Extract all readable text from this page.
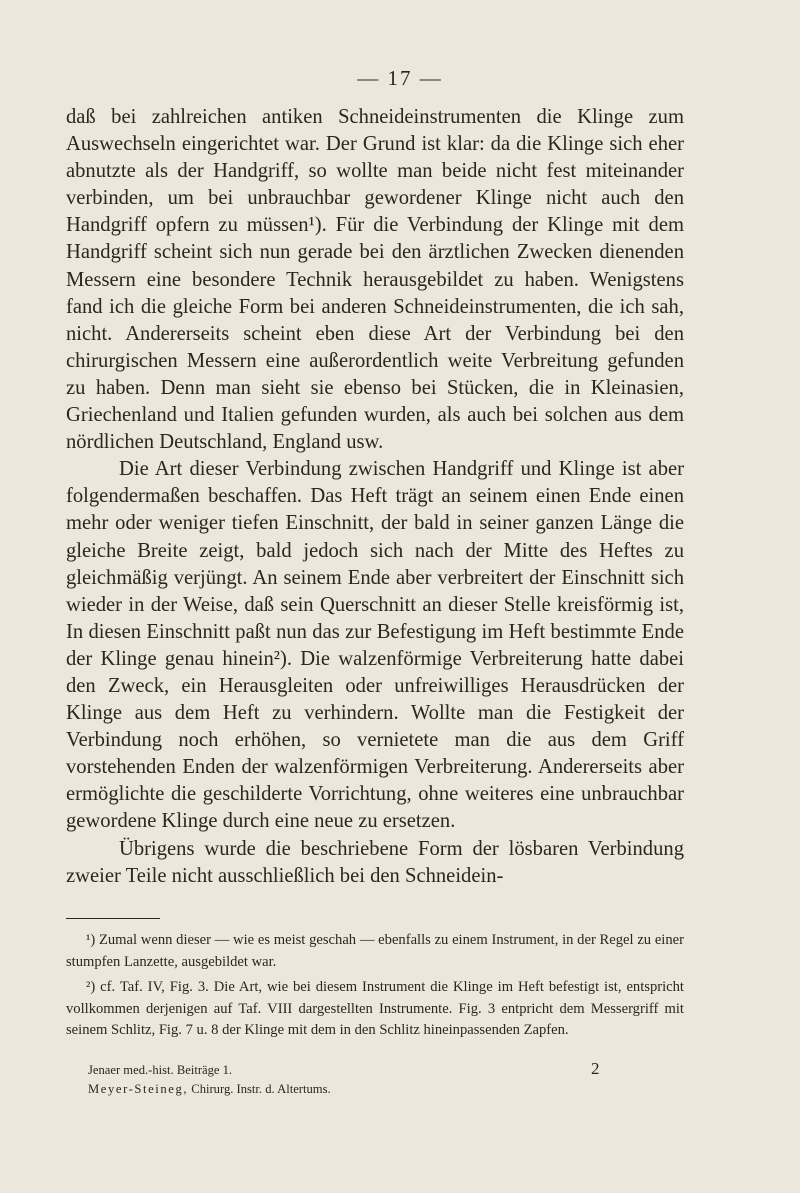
— 17 —

daß bei zahlreichen antiken Schneideinstrumenten die Klinge zum Auswechseln eingerichtet war. Der Grund ist klar: da die Klinge sich eher abnutzte als der Handgriff, so wollte man beide nicht fest miteinander verbinden, um bei unbrauchbar gewordener Klinge nicht auch den Handgriff opfern zu müssen¹). Für die Verbindung der Klinge mit dem Handgriff scheint sich nun gerade bei den ärztlichen Zwecken dienenden Messern eine besondere Technik herausgebildet zu haben. Wenigstens fand ich die gleiche Form bei anderen Schneideinstrumenten, die ich sah, nicht. Andererseits scheint eben diese Art der Verbindung bei den chirurgischen Messern eine außerordentlich weite Verbreitung gefunden zu haben. Denn man sieht sie ebenso bei Stücken, die in Kleinasien, Griechenland und Italien gefunden wurden, als auch bei solchen aus dem nördlichen Deutschland, England usw.

Die Art dieser Verbindung zwischen Handgriff und Klinge ist aber folgendermaßen beschaffen. Das Heft trägt an seinem einen Ende einen mehr oder weniger tiefen Einschnitt, der bald in seiner ganzen Länge die gleiche Breite zeigt, bald jedoch sich nach der Mitte des Heftes zu gleichmäßig verjüngt. An seinem Ende aber verbreitert der Einschnitt sich wieder in der Weise, daß sein Querschnitt an dieser Stelle kreisförmig ist, In diesen Einschnitt paßt nun das zur Befestigung im Heft bestimmte Ende der Klinge genau hinein²). Die walzenförmige Verbreiterung hatte dabei den Zweck, ein Herausgleiten oder unfreiwilliges Herausdrücken der Klinge aus dem Heft zu verhindern. Wollte man die Festigkeit der Verbindung noch erhöhen, so vernietete man die aus dem Griff vorstehenden Enden der walzenförmigen Verbreiterung. Andererseits aber ermöglichte die geschilderte Vorrichtung, ohne weiteres eine unbrauchbar gewordene Klinge durch eine neue zu ersetzen.

Übrigens wurde die beschriebene Form der lösbaren Verbindung zweier Teile nicht ausschließlich bei den Schneidein-

¹) Zumal wenn dieser — wie es meist geschah — ebenfalls zu einem Instrument, in der Regel zu einer stumpfen Lanzette, ausgebildet war.

²) cf. Taf. IV, Fig. 3. Die Art, wie bei diesem Instrument die Klinge im Heft befestigt ist, entspricht vollkommen derjenigen auf Taf. VIII dargestellten Instrumente. Fig. 3 entpricht dem Messergriff mit seinem Schlitz, Fig. 7 u. 8 der Klinge mit dem in den Schlitz hineinpassenden Zapfen.

Jenaer med.-hist. Beiträge 1.
Meyer-Steineg, Chirurg. Instr. d. Altertums.
2
